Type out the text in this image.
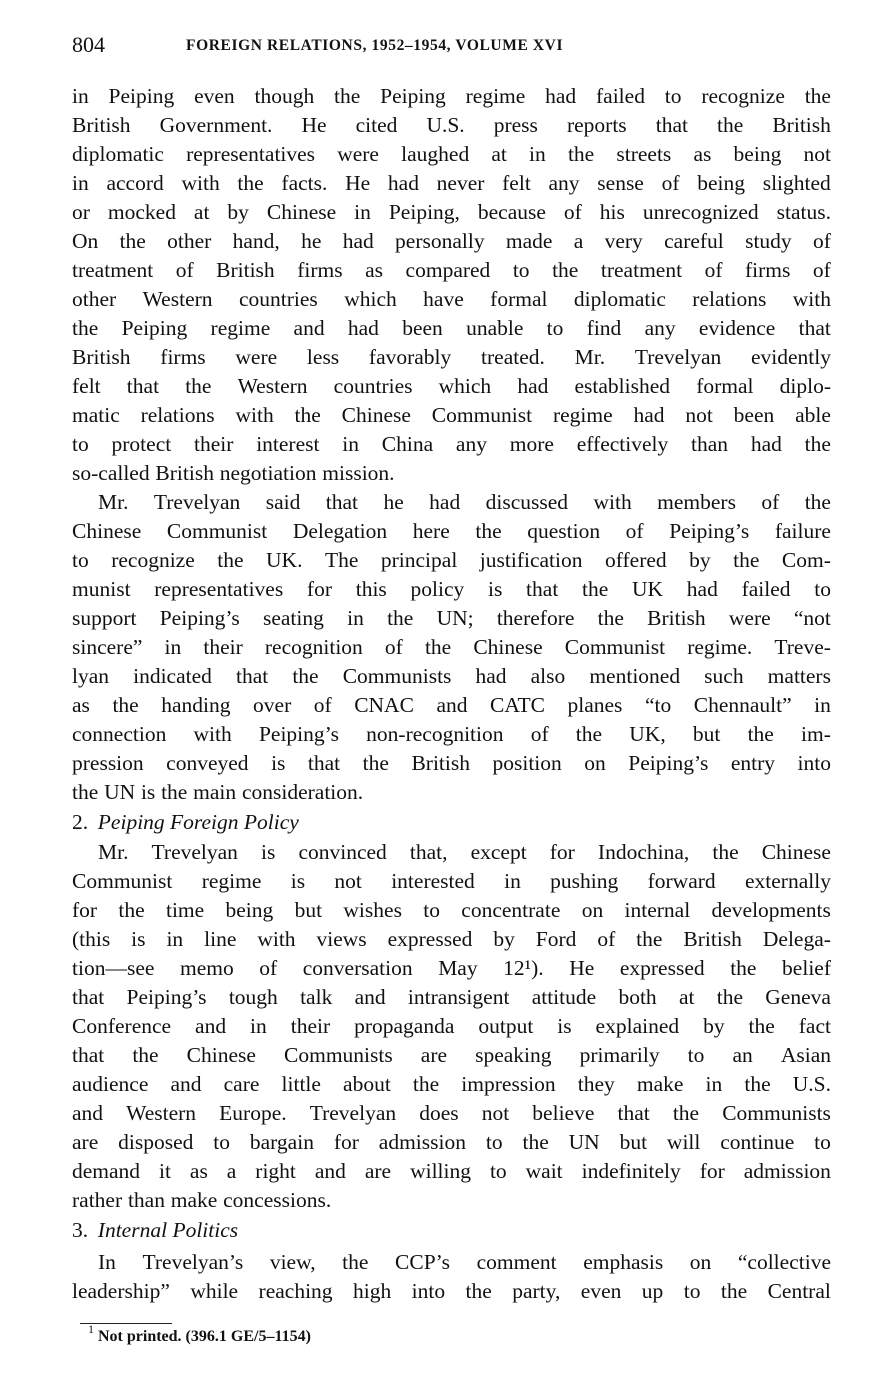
804	FOREIGN RELATIONS, 1952–1954, VOLUME XVI
in Peiping even though the Peiping regime had failed to recognize the
British Government. He cited U.S. press reports that the British
diplomatic representatives were laughed at in the streets as being not
in accord with the facts. He had never felt any sense of being slighted
or mocked at by Chinese in Peiping, because of his unrecognized status.
On the other hand, he had personally made a very careful study of
treatment of British firms as compared to the treatment of firms of
other Western countries which have formal diplomatic relations with
the Peiping regime and had been unable to find any evidence that
British firms were less favorably treated. Mr. Trevelyan evidently
felt that the Western countries which had established formal diplo-
matic relations with the Chinese Communist regime had not been able
to protect their interest in China any more effectively than had the
so-called British negotiation mission.
Mr. Trevelyan said that he had discussed with members of the
Chinese Communist Delegation here the question of Peiping’s failure
to recognize the UK. The principal justification offered by the Com-
munist representatives for this policy is that the UK had failed to
support Peiping’s seating in the UN; therefore the British were “not
sincere” in their recognition of the Chinese Communist regime. Treve-
lyan indicated that the Communists had also mentioned such matters
as the handing over of CNAC and CATC planes “to Chennault” in
connection with Peiping’s non-recognition of the UK, but the im-
pression conveyed is that the British position on Peiping’s entry into
the UN is the main consideration.
2. Peiping Foreign Policy
Mr. Trevelyan is convinced that, except for Indochina, the Chinese
Communist regime is not interested in pushing forward externally
for the time being but wishes to concentrate on internal developments
(this is in line with views expressed by Ford of the British Delega-
tion—see memo of conversation May 12¹). He expressed the belief
that Peiping’s tough talk and intransigent attitude both at the Geneva
Conference and in their propaganda output is explained by the fact
that the Chinese Communists are speaking primarily to an Asian
audience and care little about the impression they make in the U.S.
and Western Europe. Trevelyan does not believe that the Communists
are disposed to bargain for admission to the UN but will continue to
demand it as a right and are willing to wait indefinitely for admission
rather than make concessions.
3. Internal Politics
In Trevelyan’s view, the CCP’s comment emphasis on “collective
leadership” while reaching high into the party, even up to the Central
$^1$ Not printed. (396.1 GE/5–1154)
